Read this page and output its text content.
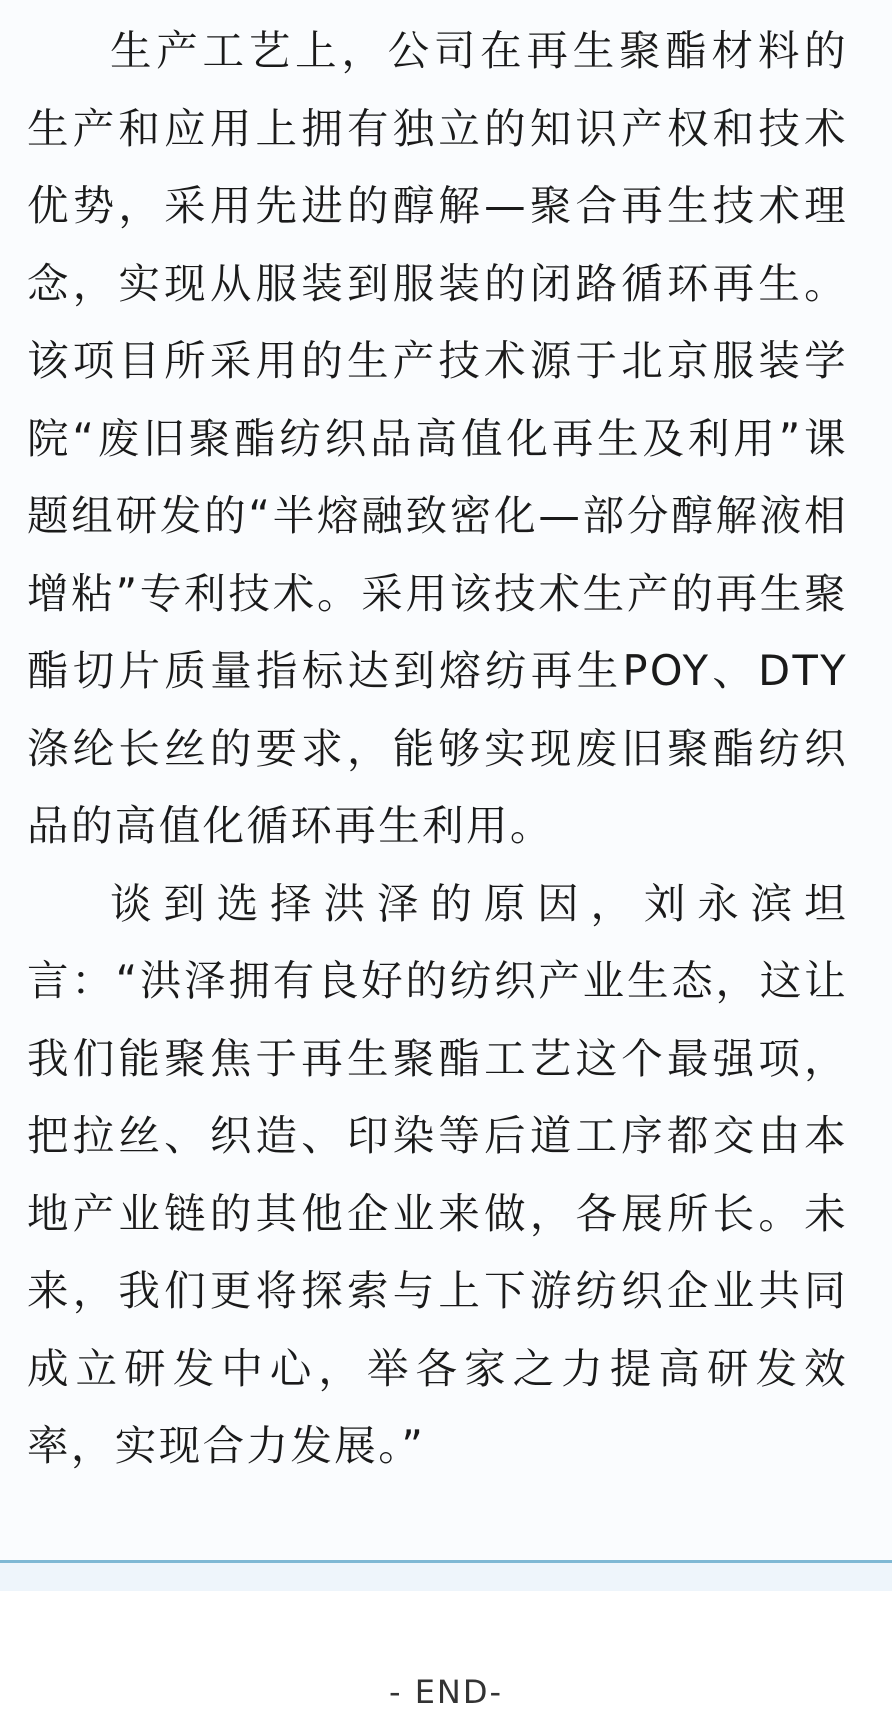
生产工艺上，公司在再生聚酯材料的生产和应用上拥有独立的知识产权和技术优势，采用先进的醇解—聚合再生技术理念，实现从服装到服装的闭路循环再生。该项目所采用的生产技术源于北京服装学院“废旧聚酯纺织品高值化再生及利用”课题组研发的“半熔融致密化—部分醇解液相增粘”专利技术。采用该技术生产的再生聚酯切片质量指标达到熔纺再生POY、DTY涤纶长丝的要求，能够实现废旧聚酯纺织品的高值化循环再生利用。

谈到选择洪泽的原因，刘永滨坦言：“洪泽拥有良好的纺织产业生态，这让我们能聚焦于再生聚酯工艺这个最强项，把拉丝、织造、印染等后道工序都交由本地产业链的其他企业来做，各展所长。未来，我们更将探索与上下游纺织企业共同成立研发中心，举各家之力提高研发效率，实现合力发展。”

- END-
